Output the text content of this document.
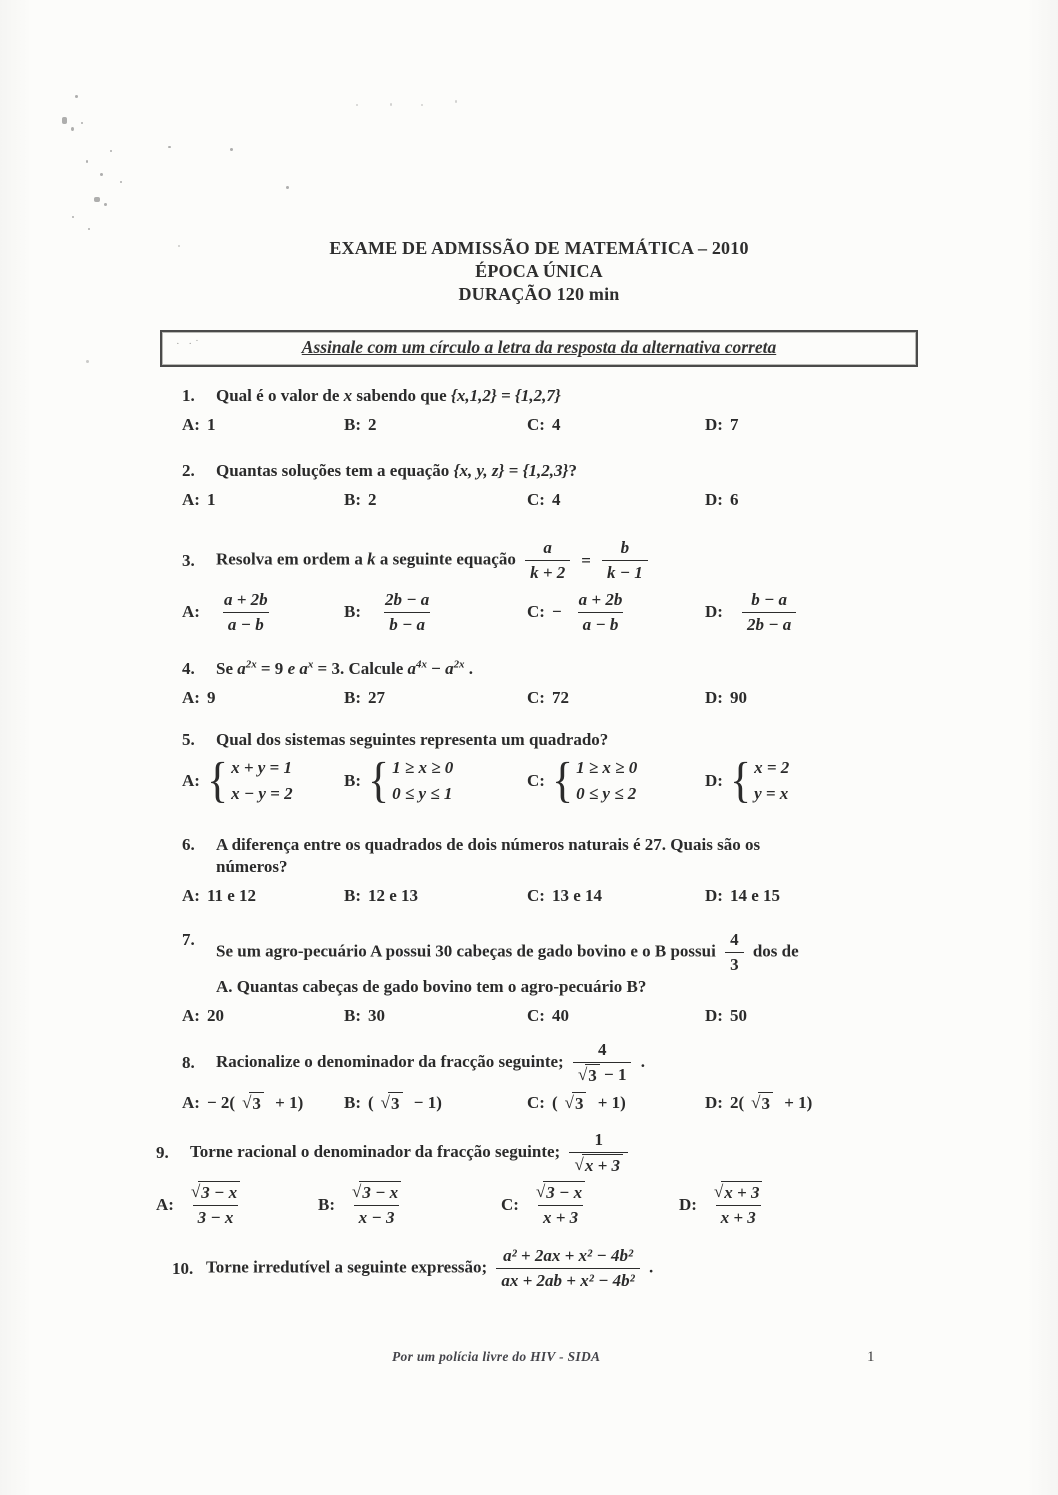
EXAME DE ADMISSÃO DE MATEMÁTICA – 2010
ÉPOCA ÚNICA
DURAÇÃO 120 min
· ·˙	Assinale com um círculo a letra da resposta da alternativa correta
1.	Qual é o valor de x sabendo que {x,1,2} = {1,2,7}
A: 1	B: 2	C: 4	D: 7
2.	Quantas soluções tem a equação {x, y, z} = {1,2,3}?
A: 1	B: 2	C: 4	D: 6
3.	Resolva em ordem a k a seguinte equação $\frac{a}{k + 2} = \frac{b}{k - 1}$
A: $\frac{a + 2b}{a - b}$	B: $\frac{2b - a}{b - a}$	C: − $\frac{a + 2b}{a - b}$	D: $\frac{b - a}{2b - a}$
4.	Se $a^{2x} = 9$ e $a^x = 3$. Calcule $a^{4x} - a^{2x}$ .
A: 9	B: 27	C: 72	D: 90
5.	Qual dos sistemas seguintes representa um quadrado?
A: { x + y = 1
x − y = 2
B: { 1 ≥ x ≥ 0
0 ≤ y ≤ 1
C: { 1 ≥ x ≥ 0
0 ≤ y ≤ 2
D: { x = 2
y = x
6.	A diferença entre os quadrados de dois números naturais é 27. Quais são os
números?
A: 11 e 12	B: 12 e 13	C: 13 e 14	D: 14 e 15
7.
Se um agro-pecuário A possui 30 cabeças de gado bovino e o B possui $\frac{4}{3}$ dos de
A. Quantas cabeças de gado bovino tem o agro-pecuário B?
A: 20	B: 30	C: 40	D: 50
8.	Racionalize o denominador da fracção seguinte; $\frac{4}{√ 3 - 1}$ .
A: − 2( √ 3 + 1) B: ( √ 3 − 1)	C: ( √ 3 + 1)	D: 2( √ 3 + 1)
9.	Torne racional o denominador da fracção seguinte; $\frac{1}{√ x + 3}$
A: $\frac{√ 3 - x}{3 - x}$	B: $\frac{√ 3 - x}{x - 3}$	C: $\frac{√ 3 - x}{x + 3}$	D: $\frac{√ x + 3}{x + 3}$
10. Torne irredutível a seguinte expressão; $\frac{\text{a² + 2ax + x² − 4b²}}{\text{ax + 2ab + x² − 4b²}}$ .
Por um polícia livre do HIV - SIDA	1
